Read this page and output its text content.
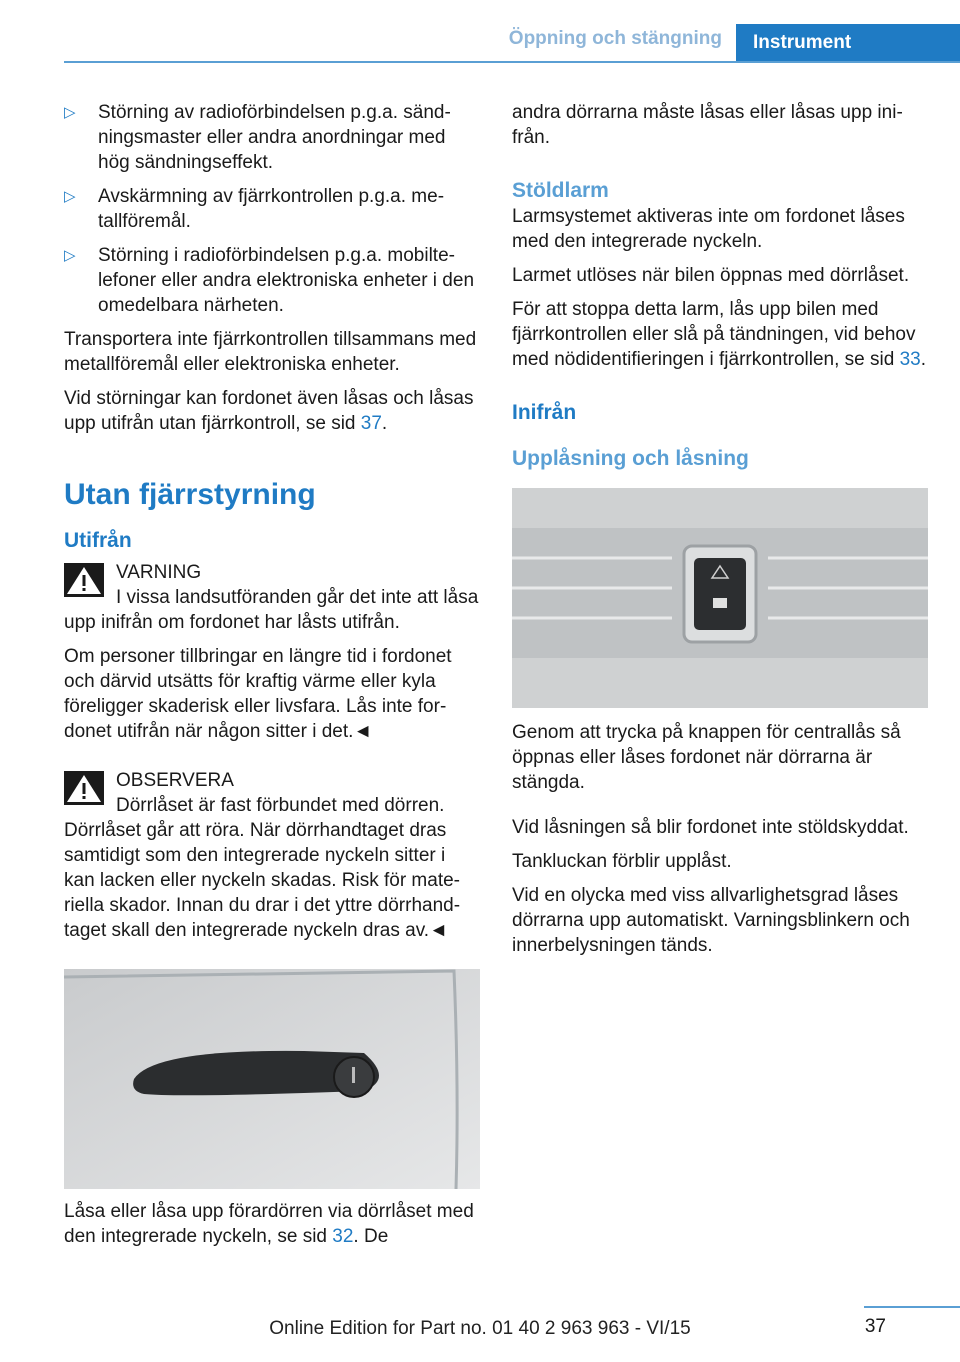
Öppning och stängning	Instrument
▷ Störning av radioförbindelsen p.g.a. sändningsmaster eller andra anordningar med hög sändningseffekt.
▷ Avskärmning av fjärrkontrollen p.g.a. metallföremål.
▷ Störning i radioförbindelsen p.g.a. mobiltelefoner eller andra elektroniska enheter i den omedelbara närheten.

Transportera inte fjärrkontrollen tillsammans med metallföremål eller elektroniska enheter.

Vid störningar kan fordonet även låsas och låsas upp utifrån utan fjärrkontroll, se sid 37.

Utan fjärrstyrning
Utifrån
VARNING

I vissa landsutföranden går det inte att låsa upp inifrån om fordonet har låsts utifrån.

Om personer tillbringar en längre tid i fordonet och därvid utsätts för kraftig värme eller kyla föreligger skaderisk eller livsfara. Lås inte fordonet utifrån när någon sitter i det.◄

OBSERVERA

Dörrlåset är fast förbundet med dörren. Dörrlåset går att röra. När dörrhandtaget dras samtidigt som den integrerade nyckeln sitter i kan lacken eller nyckeln skadas. Risk för materiella skador. Innan du drar i det yttre dörrhandtaget skall den integrerade nyckeln dras av.◄

Låsa eller låsa upp förardörren via dörrlåset med den integrerade nyckeln, se sid 32. De

andra dörrarna måste låsas eller låsas upp inifrån.

Stöldlarm

Larmsystemet aktiveras inte om fordonet låses med den integrerade nyckeln.

Larmet utlöses när bilen öppnas med dörrlåset.

För att stoppa detta larm, lås upp bilen med fjärrkontrollen eller slå på tändningen, vid behov med nödidentifieringen i fjärrkontrollen, se sid 33.

Inifrån
Upplåsning och låsning

Genom att trycka på knappen för centrallås så öppnas eller låses fordonet när dörrarna är stängda.

Vid låsningen så blir fordonet inte stöldskyddat.

Tankluckan förblir upplåst.

Vid en olycka med viss allvarlighetsgrad låses dörrarna upp automatiskt. Varningsblinkern och innerbelysningen tänds.

37
Online Edition for Part no. 01 40 2 963 963 - VI/15
